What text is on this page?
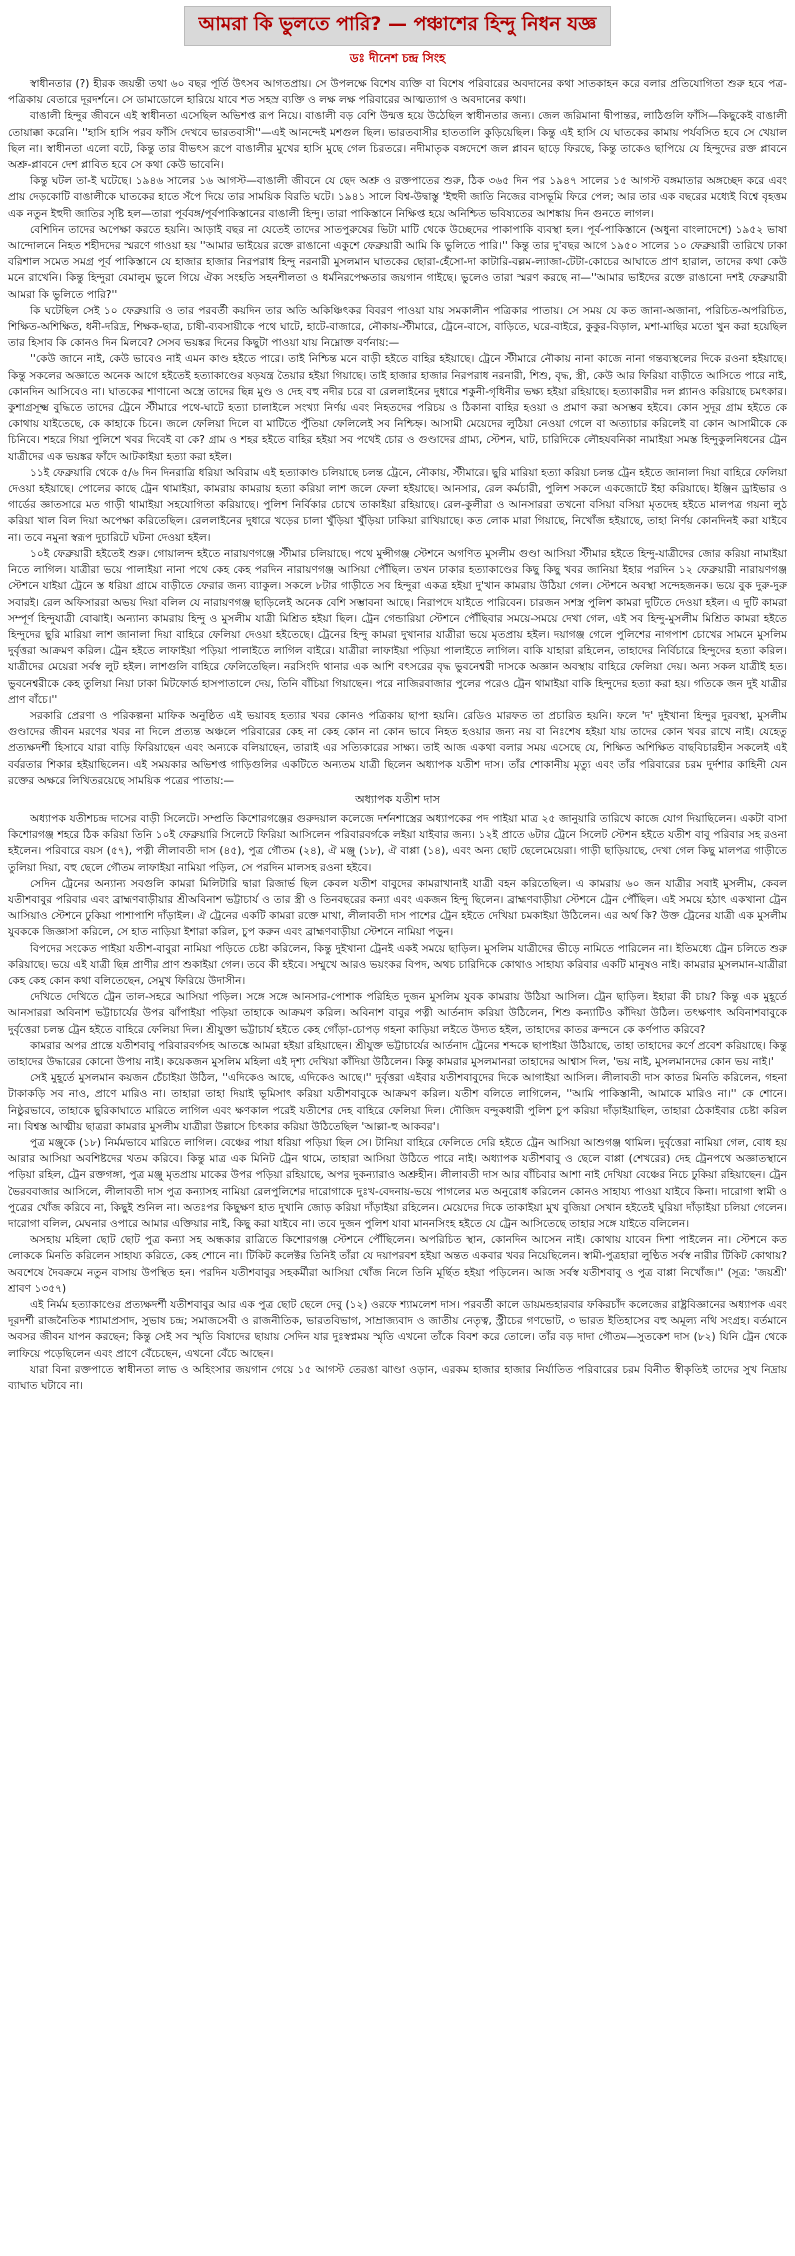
আমরা কি ভুলতে পারি? — পঞ্চাশের হিন্দু নিধন যজ্ঞ
ডঃ দীনেশ চন্দ্র সিংহ

স্বাধীনতার (?) হীরক জয়ন্তী তথা ৬০ বছর পূর্তি উৎসব আগতপ্রায়। সে উপলক্ষে বিশেষ ব্যক্তি বা বিশেষ পরিবারের অবদানের কথা সাতকাহন করে বলার প্রতিযোগিতা শুরু হবে পত্র-পত্রিকায় বেতারে দূরদর্শনে। সে ডামাডোলে হারিয়ে যাবে শত সহস্র ব্যক্তি ও লক্ষ লক্ষ পরিবারের আত্মত্যাগ ও অবদানের কথা।

বাঙালী হিন্দুর জীবনে এই স্বাধীনতা এসেছিল অভিশপ্ত রূপ নিয়ে। বাঙালী বড় বেশি উন্মত্ত হয়ে উঠেছিল স্বাধীনতার জন্য। জেল জরিমানা দ্বীপান্তর, লাঠিগুলি ফাঁসি—কিছুকেই বাঙালী তোয়াক্কা করেনি। ''হাসি হাসি পরব ফাঁসি দেখবে ভারতবাসী''—এই আনন্দেই মশগুল ছিল। ভারতবাসীর হাততালি কুড়িয়েছিল। কিন্তু এই হাসি যে ঘাতকের কামায় পর্যবসিত হবে সে খেয়াল ছিল না। স্বাধীনতা এলো বটে, কিন্তু তার বীভৎস রূপে বাঙালীর মুখের হাসি মুছে গেল চিরতরে। নদীমাতৃক বঙ্গদেশে জল প্লাবন ছাড়ে ফিরছে, কিন্তু তাকেও ছাপিয়ে যে হিন্দুদের রক্ত প্লাবনে অশ্রু-প্লাবনে দেশ প্লাবিত হবে সে কথা কেউ ভাবেনি।

কিন্তু ঘটল তা-ই ঘটেছে। ১৯৪৬ সালের ১৬ আগস্ট—বাঙালী জীবনে যে ছেদ অশ্রু ও রক্তপাতের শুরু, ঠিক ৩৬৫ দিন পর ১৯৪৭ সালের ১৫ আগস্ট বঙ্গমাতার অঙ্গচ্ছেদ করে এবং প্রায় দেড়কোটি বাঙালীকে ঘাতকের হাতে সঁপে দিয়ে তার সাময়িক বিরতি ঘটে। ১৯৪১ সালে বিশ্ব-উদ্বাস্তু 'ইহুদী জাতি নিজের বাসভূমি ফিরে পেল; আর তার এক বছরের মধ্যেই বিশ্বে বৃহত্তম এক নতুন ইহুদী জাতির সৃষ্টি হল—তারা পূর্ববঙ্গ/পূর্বপাকিস্তানের বাঙালী হিন্দু। তারা পাকিস্তানে নিক্ষিপ্ত হয়ে অনিশ্চিত ভবিষ্যতের আশঙ্কায় দিন গুনতে লাগল।

বেশিদিন তাদের অপেক্ষা করতে হয়নি। আড়াই বছর না যেতেই তাদের সাতপুরুষের ভিটা মাটি থেকে উচ্ছেদের পাকাপাকি ব্যবস্থা হল। পূর্ব-পাকিস্তানে (অধুনা বাংলাদেশে) ১৯৫২ ভাষা আন্দোলনে নিহত শহীদদের স্মরণে গাওয়া হয় ''আমার ভাইয়ের রক্তে রাঙানো একুশে ফেব্রুয়ারী আমি কি ভুলিতে পারি।'' কিন্তু তার দু'বছর আগে ১৯৫০ সালের ১০ ফেব্রুয়ারী তারিখে ঢাকা বরিশাল সমেত সমগ্র পূর্ব পাকিস্তানে যে হাজার হাজার নিরপরাধ হিন্দু নরনারী মুসলমান ঘাতকের ছোরা-হেঁসো-দা কাটারি-বল্লম-ল্যাজা-টেটা-কোচের আঘাতে প্রাণ হারাল, তাদের কথা কেউ মনে রাখেনি। কিন্তু হিন্দুরা বেমালুম ভুলে গিয়ে ঐক্য সংহতি সহনশীলতা ও ধর্মনিরপেক্ষতার জয়গান গাইছে। ভুলেও তারা স্মরণ করছে না—''আমার ভাইদের রক্তে রাঙানো দশই ফেব্রুয়ারী আমরা কি ভুলিতে পারি?''

কি ঘটেছিল সেই ১০ ফেব্রুয়ারি ও তার পরবর্তী কয়দিন তার অতি অকিঞ্চিৎকর বিবরণ পাওয়া যায় সমকালীন পত্রিকার পাতায়। সে সময় যে কত জানা-অজানা, পরিচিত-অপরিচিত, শিক্ষিত-অশিক্ষিত, ধনী-দরিদ্র, শিক্ষক-ছাত্র, চাষী-ব্যবসায়ীকে পথে ঘাটে, হাটে-বাজারে, নৌকায়-স্টীমারে, ট্রেনে-বাসে, বাড়িতে, ঘরে-বাইরে, কুকুর-বিড়াল, মশা-মাছির মতো খুন করা হয়েছিল তার হিসাব কি কোনও দিন মিলবে? সেসব ভয়ঙ্কর দিনের কিছুটা পাওয়া যায় নিম্নোক্ত বর্ণনায়:—

''কেউ জানে নাই, কেউ ভাবেও নাই এমন কাণ্ড হইতে পারে। তাই নিশ্চিন্ত মনে বাড়ী হইতে বাহির হইয়াছে। ট্রেনে স্টীমারে নৌকায় নানা কাজে নানা গন্তব্যস্থলের দিকে রওনা হইয়াছে। কিন্তু সকলের অজ্ঞাতে অনেক আগে হইতেই হত্যাকাণ্ডের ষড়যন্ত্র তৈয়ার হইয়া গিয়াছে। তাই হাজার হাজার নিরপরাধ নরনারী, শিশু, বৃদ্ধ, স্ত্রী, কেউ আর ফিরিয়া বাড়ীতে আসিতে পারে নাই, কোনদিন আসিবেও না। ঘাতকের শাণানো অস্ত্রে তাদের ছিন্ন মুণ্ড ও দেহ বহু নদীর চরে বা রেললাইনের দুধারে শকুনী-গৃধিনীর ভক্ষ্য হইয়া রহিয়াছে। হত্যাকারীর দল প্ল্যানও করিয়াছে চমৎকার। কুশাগ্রসূক্ষ্ম বুদ্ধিতে তাদের ট্রেনে স্টীমারে পথে-ঘাটে হত্যা চালাইলে সংখ্যা নির্ণয় এবং নিহতদের পরিচয় ও ঠিকানা বাহির হওয়া ও প্রমাণ করা অসম্ভব হইবে। কোন সুদূর গ্রাম হইতে কে কোথায় যাইতেছে, কে কাহাকে চিনে। জলে ফেলিয়া দিলে বা মাটিতে পুঁতিয়া ফেলিলেই সব নিশ্চিহ্ন। আসামী মেয়েদের লুঠিয়া নেওয়া গেলে বা অত্যাচার করিলেই বা কোন আসামীকে কে চিনিবে। শহরে গিয়া পুলিশে খবর দিবেই বা কে? গ্রাম ও শহর হইতে বাহির হইয়া সব পথেই চোর ও গুণ্ডাদের গ্রাম্য, স্টেশন, ঘাট, চারিদিকে লৌহযবনিকা নামাইয়া সমস্ত হিন্দুকুলনিধনের ট্রেন যাত্রীদের এক ভয়ঙ্কর ফাঁদে আটকাইয়া হত্যা করা হইল।

১১ই ফেব্রুয়ারি থেকে ৫/৬ দিন দিনরাত্রি ধরিয়া অবিরাম এই হত্যাকাণ্ড চলিয়াছে চলন্ত ট্রেনে, নৌকায়, স্টীমারে। ছুরি মারিয়া হত্যা করিয়া চলন্ত ট্রেন হইতে জানালা দিয়া বাহিরে ফেলিয়া দেওয়া হইয়াছে। পোলের কাছে ট্রেন থামাইয়া, কামরায় কামরায় হত্যা করিয়া লাশ জলে ফেলা হইয়াছে। আনসার, রেল কর্মচারী, পুলিশ সকলে একজোটে ইহা করিয়াছে। ইঞ্জিন ড্রাইভার ও গার্ডের জ্ঞাতসারে মত গাড়ী থামাইয়া সহযোগিতা করিয়াছে। পুলিশ নির্বিকার চোখে তাকাইয়া রহিয়াছে। রেল-কুলীরা ও আনসাররা তখনো বসিয়া বসিয়া মৃতদেহ হইতে মালপত্র গয়না লুঠ করিয়া খাল বিল দিয়া অপেক্ষা করিতেছিল। রেললাইনের দুধারে খড়ের চালা খুঁড়িয়া খুঁড়িয়া ঢাকিয়া রাখিয়াছে। কত লোক মারা গিয়াছে, নিখোঁজ হইয়াছে, তাহা নির্ণয় কোনদিনই করা যাইবে না। তবে নমুনা স্বরূপ দুচারিটে ঘটনা দেওয়া হইল।

১০ই ফেব্রুয়ারী হইতেই শুরু। গোয়ালন্দ হইতে নারায়ণগঞ্জে স্টীমার চলিয়াছে। পথে মুন্সীগঞ্জ স্টেশনে অগণিত মুসলীম গুণ্ডা আসিয়া স্টীমার হইতে হিন্দু-যাত্রীদের জোর করিয়া নামাইয়া নিতে লাগিল। যাত্রীরা ভয়ে পালাইয়া নানা পথে কেহ কেহ পরদিন নারায়ণগঞ্জ আসিয়া পৌঁছিল। তখন ঢাকার হত্যাকাণ্ডের কিছু কিছু খবর জানিয়া ইহার পরদিন ১২ ফেব্রুয়ারী নারায়ণগঞ্জ স্টেশনে যাইয়া ট্রেনে স্ত ধরিয়া গ্রামে বাড়ীতে ফেরার জন্য ব্যাকুল। সকলে ৮টার গাড়ীতে সব হিন্দুরা একত্র হইয়া দু'খান কামরায় উঠিয়া গেল। স্টেশনে অবস্থা সন্দেহজনক। ভয়ে বুক দুরু-দুরু সবারই। রেল অফিসাররা অভয় দিয়া বলিল যে নারায়ণগঞ্জ ছাড়িলেই অনেক বেশি সম্ভাবনা আছে। নিরাপদে যাইতে পারিবেন। চারজন সশস্ত্র পুলিশ কামরা দুটিতে দেওয়া হইল। এ দুটি কামরা সম্পূর্ণ হিন্দুযাত্রী বোঝাই। অন্যান্য কামরায় হিন্দু ও মুসলীম যাত্রী মিশ্রিত হইয়া ছিল। ট্রেন গেন্ডারিয়া স্টেশনে পৌঁছিবার সময়ে-সময়ে দেখা গেল, এই সব হিন্দু-মুসলীম মিশ্রিত কামরা হইতে হিন্দুদের ছুরি মারিয়া লাশ জানালা দিয়া বাহিরে ফেলিয়া দেওয়া হইতেছে। ট্রেনের হিন্দু কামরা দুখানার যাত্রীরা ভয়ে মৃতপ্রায় হইল। দয়াগঞ্জ গেলে পুলিশের নাগপাশ চোখের সামনে মুসলিম দুর্বৃত্তরা আক্রমণ করিল। ট্রেন হইতে লাফাইয়া পড়িয়া পালাইতে লাগিল বাইরে। যাত্রীরা লাফাইয়া পড়িয়া পালাইতে লাগিল। বাকি যাহারা রহিলেন, তাহাদের নির্বিচারে হিন্দুদের হত্যা করিল। যাত্রীদের মেয়েরা সর্বস্ব লুট হইল। লাশগুলি বাহিরে ফেলিতেছিল। নরসিংদি থানার এক আশি বৎসরের বৃদ্ধ ভুবনেশ্বরী দাসকে অজ্ঞান অবস্থায় বাহিরে ফেলিয়া দেয়। অন্য সকল যাত্রীই হত। ভুবনেশ্বরীকে কেহ তুলিয়া নিয়া ঢাকা মিটফোর্ড হাসপাতালে দেয়, তিনি বাঁচিয়া গিয়াছেন। পরে নাজিরবাজার পুলের পরেও ট্রেন থামাইয়া বাকি হিন্দুদের হত্যা করা হয়। গতিকে জন দুই যাত্রীর প্রাণ বাঁচে।''

সরকারি প্রেরণা ও পরিকল্পনা মাফিক অনুষ্ঠিত এই ভয়াবহ হত্যার খবর কোনও পত্রিকায় ছাপা হয়নি। রেডিও মারফত তা প্রচারিত হয়নি। ফলে 'দ' দুইখানা হিন্দুর দুরবস্থা, মুসলীম গুণ্ডাদের জীবন মরণের খবর না দিলে প্রত্যন্ত অঞ্চলে পরিবারের কেহ না কেহ কোন না কোন ভাবে নিহত হওয়ার জন্য নয় বা নিঃশেষ হইয়া যায় তাদের কোন খবর রাখে নাই। যেহেতু প্রত্যক্ষদর্শী হিসাবে যারা বাড়ি ফিরিয়াছেন এবং অন্যকে বলিয়াছেন, তারাই এর সত্যিকারের সাক্ষ্য। তাই আজ একথা বলার সময় এসেছে যে, শিক্ষিত অশিক্ষিত বাছবিচারহীন সকলেই এই বর্বরতার শিকার হইয়াছিলেন। এই সময়কার অভিশপ্ত গাড়িগুলির একটিতে অন্যতম যাত্রী ছিলেন অধ্যাপক যতীশ দাস। তাঁর শোকানীয় মৃত্যু এবং তাঁর পরিবারের চরম দুর্দশার কাহিনী যেন রক্তের অক্ষরে লিখিতরয়েছে সাময়িক পত্রের পাতায়:—

অধ্যাপক যতীশ দাস

অধ্যাপক যতীশচন্দ্র দাসের বাড়ী সিলেটে। সম্প্রতি কিশোরগঞ্জের গুরুদয়াল কলেজে দর্শনশাস্ত্রের অধ্যাপকের পদ পাইয়া মাত্র ২৫ জানুয়ারি তারিখে কাজে যোগ দিয়াছিলেন। একটা বাসা কিশোরগঞ্জ শহরে ঠিক করিয়া তিনি ১০ই ফেব্রুয়ারি সিলেটে ফিরিয়া আসিলেন পরিবারবর্গকে লইয়া যাইবার জন্য। ১২ই প্রাতে ৬টার ট্রেনে সিলেট স্টেশন হইতে যতীশ বাবু পরিবার সহ রওনা হইলেন। পরিবারে বয়স (৫৭), পত্নী লীলাবতী দাস (৪৫), পুত্র গৌতম (২৪), ঐ মঞ্জু (১৮), ঐ বাপ্পা (১৪), এবং অন্য ছোট ছেলেমেয়েরা। গাড়ী ছাড়িয়াছে, দেখা গেল কিছু মালপত্র গাড়ীতে তুলিয়া দিয়া, বহু ছেলে গৌতম লাফাইয়া নামিয়া পড়িল, সে পরদিন মালসহ রওনা হইবে।

সেদিন ট্রেনের অন্যান্য সবগুলি কামরা মিলিটারি দ্বারা রিজার্ভ ছিল কেবল যতীশ বাবুদের কামরাখানাই যাত্রী বহন করিতেছিল। এ কামরায় ৬০ জন যাত্রীর সবাই মুসলীম, কেবল যতীশবাবুর পরিবার এবং ব্রাহ্মণবাড়ীয়ার শ্রীঅবিনাশ ভট্টাচার্য ও তার স্ত্রী ও তিনবছরের কন্যা এবং একজন হিন্দু ছিলেন। ব্রাহ্মণবাড়ীয়া স্টেশনে ট্রেন পৌঁছিল। এই সময়ে হঠাৎ একখানা ট্রেন আসিয়াও স্টেশনে ঢুকিয়া পাশাপাশি দাঁড়াইল। ঐ ট্রেনের একটি কামরা রক্তে মাখা, লীলাবতী দাস পাশের ট্রেন হইতে দেখিয়া চমকাইয়া উঠিলেন। এর অর্থ কি? উক্ত ট্রেনের যাত্রী এক মুসলীম যুবককে জিজ্ঞাসা করিলে, সে হাত নাড়িয়া ইশারা করিল, চুপ করুন এবং ব্রাহ্মণবাড়ীয়া স্টেশনে নামিয়া পড়ুন।

বিপদের সংকেত পাইয়া যতীশ-বাবুরা নামিয়া পড়িতে চেষ্টা করিলেন, কিন্তু দুইখানা ট্রেনই একই সময়ে ছাড়িল। মুসলিম যাত্রীদের ভীড়ে নামিতে পারিলেন না। ইতিমধ্যে ট্রেন চলিতে শুরু করিয়াছে। ভয়ে এই যাত্রী ছিন্ন প্রাণীর প্রাণ শুকাইয়া গেল। তবে কী হইবে। সম্মুখে আরও ভয়ংকর বিপদ, অথচ চারিদিকে কোথাও সাহায্য করিবার একটি মানুষও নাই। কামরার মুসলমান-যাত্রীরা কেহ কেহ কোন কথা বলিতেছেন, সেমুখ ফিরিয়ে উদাসীন।

দেখিতে দেখিতে ট্রেন তাল-সহরে আসিয়া পড়িল। সঙ্গে সঙ্গে আনসার-পোশাক পরিহিত দুজন মুসলিম যুবক কামরায় উঠিয়া আসিল। ট্রেন ছাড়িল। ইহারা কী চায়? কিন্তু এক মুহূর্তে আনসাররা অবিনাশ ভট্টাচার্যের উপর ঝাঁপাইয়া পড়িয়া তাহাকে আক্রমণ করিল। অবিনাশ বাবুর পত্নী আর্তনাদ করিয়া উঠিলেন, শিশু কন্যাটিও কাঁদিয়া উঠিল। তৎক্ষণাৎ অবিনাশবাবুকে দুর্বৃত্তেরা চলন্ত ট্রেন হইতে বাহিরে ফেলিয়া দিল। শ্রীযুক্তা ভট্টাচার্য হইতে কেহ গোঁড়া-চোপড় গহনা কাড়িয়া লইতে উদ্যত হইল, তাহাদের কাতর ক্রন্দনে কে কর্ণপাত করিবে?

কামরার অপর প্রান্তে যতীশবাবু পরিবারবর্গসহ আতঙ্কে আমরা হইয়া রহিয়াছেন। শ্রীযুক্ত ভট্টাচার্যের আর্তনাদ ট্রেনের শব্দকে ছাপাইয়া উঠিয়াছে, তাহা তাহাদের কর্ণে প্রবেশ করিয়াছে। কিন্তু তাহাদের উদ্ধারের কোনো উপায় নাই। কয়েকজন মুসলিম মহিলা এই দৃশ্য দেখিয়া কাঁদিয়া উঠিলেন। কিন্তু কামরার মুসলমানরা তাহাদের আশ্বাস দিল, 'ভয় নাই, মুসলমানদের কোন ভয় নাই।'

সেই মুহূর্তে মুসলমান কয়জন চেঁচাইয়া উঠিল, ''এদিকেও আছে, এদিকেও আছে।'' দুর্বৃত্তরা এইবার যতীশবাবুদের দিকে আগাইয়া আসিল। লীলাবতী দাস কাতর মিনতি করিলেন, গহনা টাকাকড়ি সব নাও, প্রাণে মারিও না। তাহারা তাহা দিয়াই ভূমিসাৎ করিয়া যতীশবাবুকে আক্রমণ করিল। যতীশ বলিতে লাগিলেন, ''আমি পাকিস্তানী, আমাকে মারিও না।'' কে শোনে। নিষ্ঠুরভাবে, তাহাকে ছুরিকাঘাতে মারিতে লাগিল এবং ক্ষণকাল পরেই যতীশের দেহ বাহিরে ফেলিয়া দিল। দৌজিদ বন্দুকধারী পুলিশ চুপ করিয়া দাঁড়াইয়াছিল, তাহারা ঠেকাইবার চেষ্টা করিল না। বিশ্বস্ত আত্মীয় ছাত্ররা কামরার মুসলীম যাত্রীরা উল্লাসে চিৎকার করিয়া উঠিতেছিল 'আল্লা-হু আকবর'।

পুত্র মঞ্জুকে (১৮) নির্মমভাবে মারিতে লাগিল। বেঞ্চের পায়া ধরিয়া পড়িয়া ছিল সে। টানিয়া বাহিরে ফেলিতে দেরি হইতে ট্রেন আসিয়া আশুগঞ্জ থামিল। দুর্বৃত্তেরা নামিয়া গেল, বোধ হয় আরার আসিয়া অবশিষ্টদের খতম করিবে। কিন্তু মাত্র এক মিনিট ট্রেন থামে, তাহারা আসিয়া উঠিতে পারে নাই। অধ্যাপক যতীশবাবু ও ছেলে বাপ্পা (শেখরের) দেহ ট্রেনপথে অজ্ঞাতস্থানে পড়িয়া রহিল, ট্রেন রক্তগঙ্গা, পুত্র মঞ্জু মৃতপ্রায় মাকের উপর পড়িয়া রহিয়াছে, অপর দুকন্যারাও অশ্রুহীন। লীলাবতী দাস আর বাঁচিবার আশা নাই দেখিয়া বেঞ্চের নিচে ঢুকিয়া রহিয়াছেন। ট্রেন ভৈরববাজার আসিলে, লীলাবতী দাস পুত্র কন্যাসহ নামিয়া রেলপুলিশের দারোগাকে দুঃখ-বেদনায়-ভয়ে পাগলের মত অনুরোধ করিলেন কোনও সাহায্য পাওয়া যাইবে কিনা। দারোগা স্বামী ও পুত্রের খোঁজ করিবে না, কিছুই শুনিল না। অতঃপর কিছুক্ষণ হাত দুখানি জোড় করিয়া দাঁড়াইয়া রহিলেন। মেয়েদের দিকে তাকাইয়া মুখ বুজিয়া সেখান হইতেই ঘুরিয়া দাঁড়াইয়া চলিয়া গেলেন। দারোগা বলিল, মেঘনার ওপারে আমার এক্তিয়ার নাই, কিছু করা যাইবে না। তবে দুজন পুলিশ যাবা মাননসিংহ হইতে যে ট্রেন আসিতেছে তাহার সঙ্গে যাইতে বলিলেন।

অসহায় মহিলা ছোট ছোট পুত্র কন্যা সহ অন্ধকার রাত্রিতে কিশোরগঞ্জ স্টেশনে পৌঁছিলেন। অপরিচিত স্থান, কোনদিন আসেন নাই। কোথায় যাবেন দিশা পাইলেন না। স্টেশনে কত লোককে মিনতি করিলেন সাহায্য করিতে, কেহ শোনে না। টিকিট কলেক্টর তিনিই তাঁরা যে দয়াপরবশ হইয়া অন্তত একবার খবর নিয়েছিলেন। স্বামী-পুত্রহারা লুণ্ঠিত সর্বস্ব নারীর টিকিট কোথায়? অবশেষে দৈবক্রমে নতুন বাসায় উপস্থিত হন। পরদিন যতীশবাবুর সহকর্মীরা আসিয়া খোঁজ নিলে তিনি মূর্ছিত হইয়া পড়িলেন। আজ সর্বস্ব যতীশবাবু ও পুত্র বাপ্পা নিখোঁজ।'' (সূত্র: 'জয়শ্রী' শ্রাবণ ১৩৫৭)

এই নির্মম হত্যাকাণ্ডের প্রত্যক্ষদর্শী যতীশবাবুর আর এক পুত্র ছোট ছেলে দেবু (১২) ওরফে শ্যামলেশ দাস। পরবর্তী কালে ডায়মন্ডহারবার ফকিরচাঁদ কলেজের রাষ্ট্রবিজ্ঞানের অধ্যাপক এবং দূরদর্শী রাজনৈতিক শ্যামাপ্রসাদ, সুভাষ চন্দ্র; সমাজসেবী ও রাজনীতিক, ভারতবিভাগ, সাম্রাজ্যবাদ ও জাতীয় নেতৃত্ব, স্ট্রীচের গণভোট, ৩ ভারত ইতিহাসের বহু অমূল্য নথি সংগ্রহ। বর্তমানে অবসর জীবন যাপন করছেন; কিন্তু সেই সব স্মৃতি বিষাদের ছায়ায় সেদিন যার দুঃস্বপ্নময় স্মৃতি এখনো তাঁকে বিবশ করে তোলে। তাঁর বড় দাদা গৌতম—সুতকেশ দাস (৮২) যিনি ট্রেন থেকে লাফিয়ে পড়েছিলেন এবং প্রাণে বেঁচেছেন, এখনো বেঁচে আছেন।

যারা বিনা রক্তপাতে স্বাধীনতা লাভ ও অহিংসার জয়গান গেয়ে ১৫ আগস্ট তেরঙা ঝাণ্ডা ওড়ান, এরকম হাজার হাজার নির্যাতিত পরিবারের চরম বিনীত স্বীকৃতিই তাদের সুখ নিদ্রায় ব্যাঘাত ঘটাবে না।
